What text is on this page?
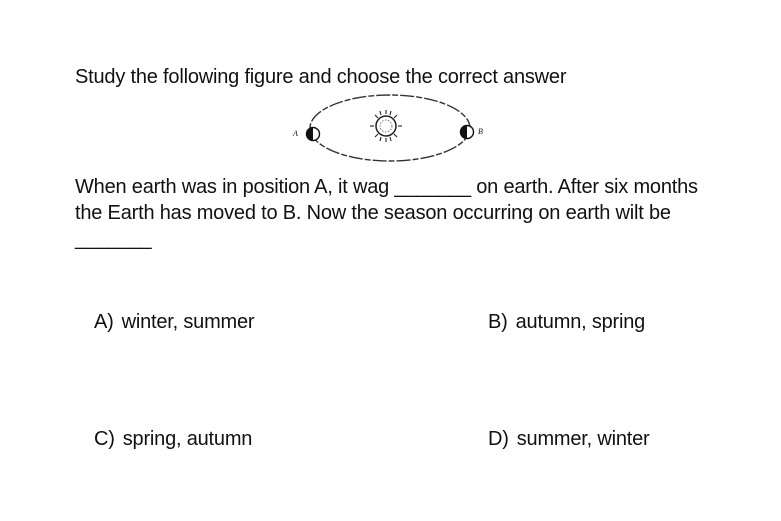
Study the following figure and choose the correct answer
A	B
When earth was in position A, it wag _______ on earth. After six months the Earth has moved to B. Now the season occurring on earth wilt be _______
A) winter, summer	B) autumn, spring
C) spring, autumn	D) summer, winter
